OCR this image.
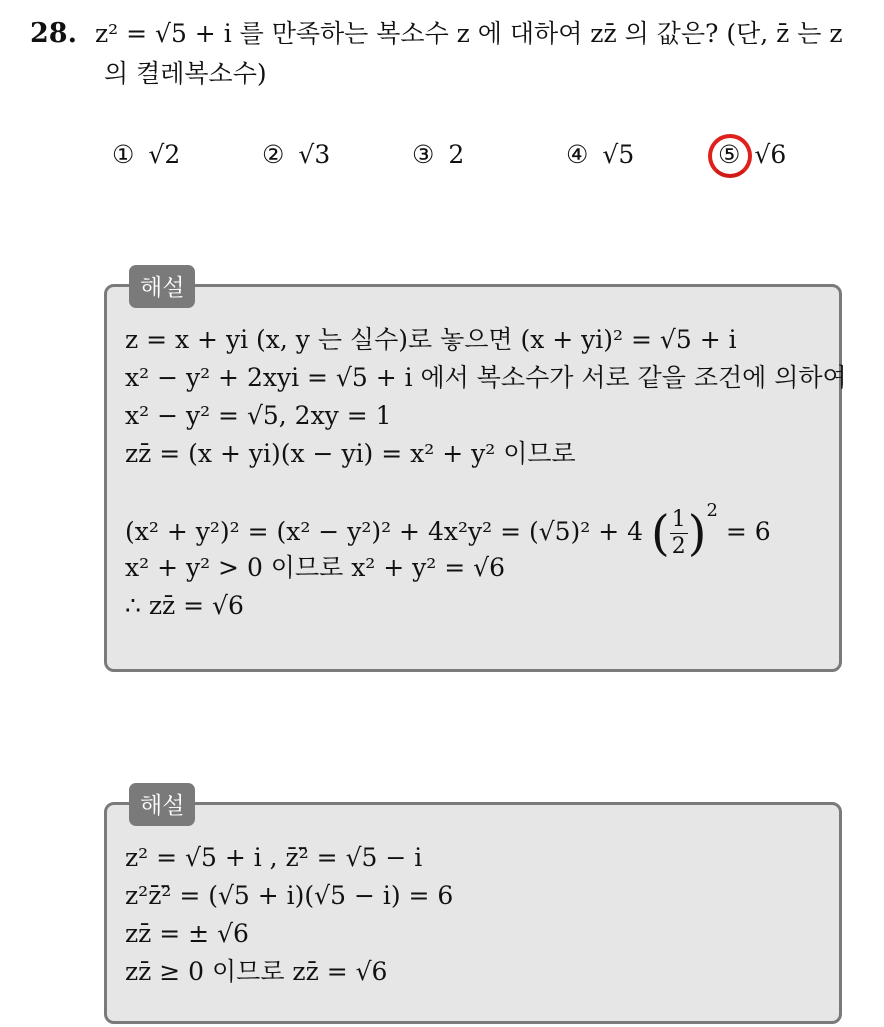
28. z² = √5 + i 를 만족하는 복소수 z 에 대하여 zz̄ 의 값은? (단, z̄ 는 z
의 켤레복소수)
① √2	② √3	③ 2	④ √5	⑤ √6
해설
z = x + yi (x, y 는 실수)로 놓으면 (x + yi)² = √5 + i
x² − y² + 2xyi = √5 + i 에서 복소수가 서로 같을 조건에 의하여
x² − y² = √5, 2xy = 1
zz̄ = (x + yi)(x − yi) = x² + y² 이므로
(x² + y²)² = (x² − y²)² + 4x²y² = (√5)² + 4 ( $\frac{1}{2} )^2 = 6$
x² + y² > 0 이므로 x² + y² = √6
∴ zz̄ = √6
해설
z² = √5 + i , z̄²̄ = √5 − i
z²z̄²̄ = (√5 + i)(√5 − i) = 6
zz̄ = ± √6
zz̄ ≥ 0 이므로 zz̄ = √6
